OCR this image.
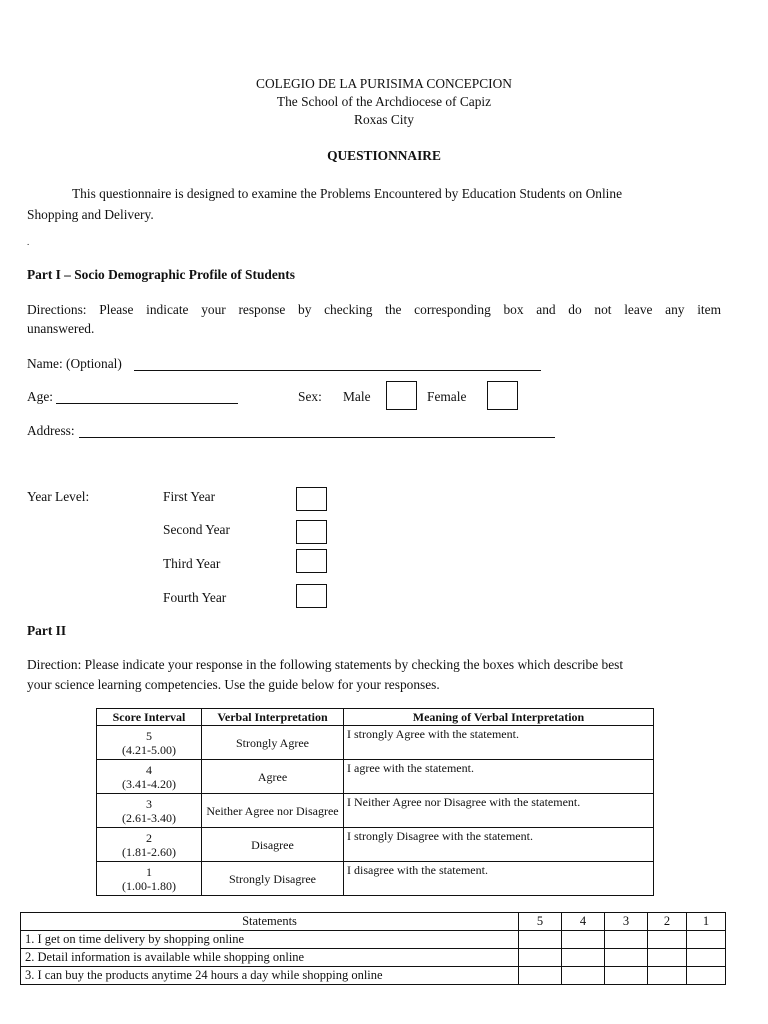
COLEGIO DE LA PURISIMA CONCEPCION
The School of the Archdiocese of Capiz
Roxas City
QUESTIONNAIRE
This questionnaire is designed to examine the Problems Encountered by Education Students on Online
Shopping and Delivery.
.
Part I – Socio Demographic Profile of Students
Directions: Please indicate your response by checking the corresponding box and do not leave any item
unanswered.
Name: (Optional)
Age:	Sex: Male	Female
Address:
Year Level:	First Year
Second Year
Third Year
Fourth Year
Part II
Direction: Please indicate your response in the following statements by checking the boxes which describe best
your science learning competencies. Use the guide below for your responses.
Score Interval	Verbal Interpretation	Meaning of Verbal Interpretation

5
(4.21-5.00)	Strongly Agree	I strongly Agree with the statement.

4
(3.41-4.20)	Agree	I agree with the statement.

3
(2.61-3.40)	Neither Agree nor Disagree	I Neither Agree nor Disagree with the statement.

2
(1.81-2.60)	Disagree	I strongly Disagree with the statement.

1
(1.00-1.80)	Strongly Disagree	I disagree with the statement.
Statements	5	4	3	2	1
1. I get on time delivery by shopping online					
2. Detail information is available while shopping online					
3. I can buy the products anytime 24 hours a day while shopping online					
